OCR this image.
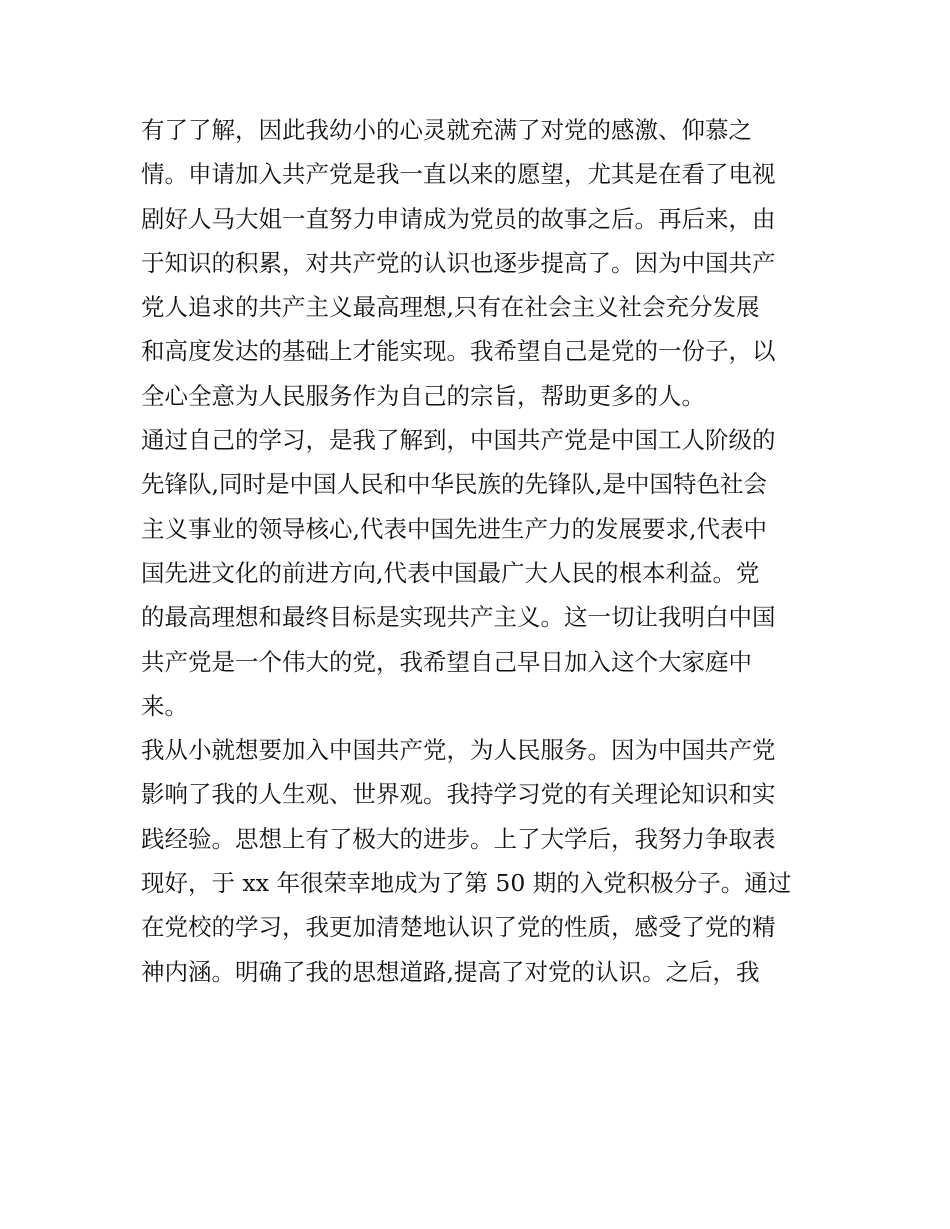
有了了解，因此我幼小的心灵就充满了对党的感激、仰慕之
情。申请加入共产党是我一直以来的愿望，尤其是在看了电视
剧好人马大姐一直努力申请成为党员的故事之后。再后来，由
于知识的积累，对共产党的认识也逐步提高了。因为中国共产
党人追求的共产主义最高理想,只有在社会主义社会充分发展
和高度发达的基础上才能实现。我希望自己是党的一份子，以
全心全意为人民服务作为自己的宗旨，帮助更多的人。
通过自己的学习，是我了解到，中国共产党是中国工人阶级的
先锋队,同时是中国人民和中华民族的先锋队,是中国特色社会
主义事业的领导核心,代表中国先进生产力的发展要求,代表中
国先进文化的前进方向,代表中国最广大人民的根本利益。党
的最高理想和最终目标是实现共产主义。这一切让我明白中国
共产党是一个伟大的党，我希望自己早日加入这个大家庭中
来。
我从小就想要加入中国共产党，为人民服务。因为中国共产党
影响了我的人生观、世界观。我持学习党的有关理论知识和实
践经验。思想上有了极大的进步。上了大学后，我努力争取表
现好，于 xx 年很荣幸地成为了第 50 期的入党积极分子。通过
在党校的学习，我更加清楚地认识了党的性质，感受了党的精
神内涵。明确了我的思想道路,提高了对党的认识。之后，我
